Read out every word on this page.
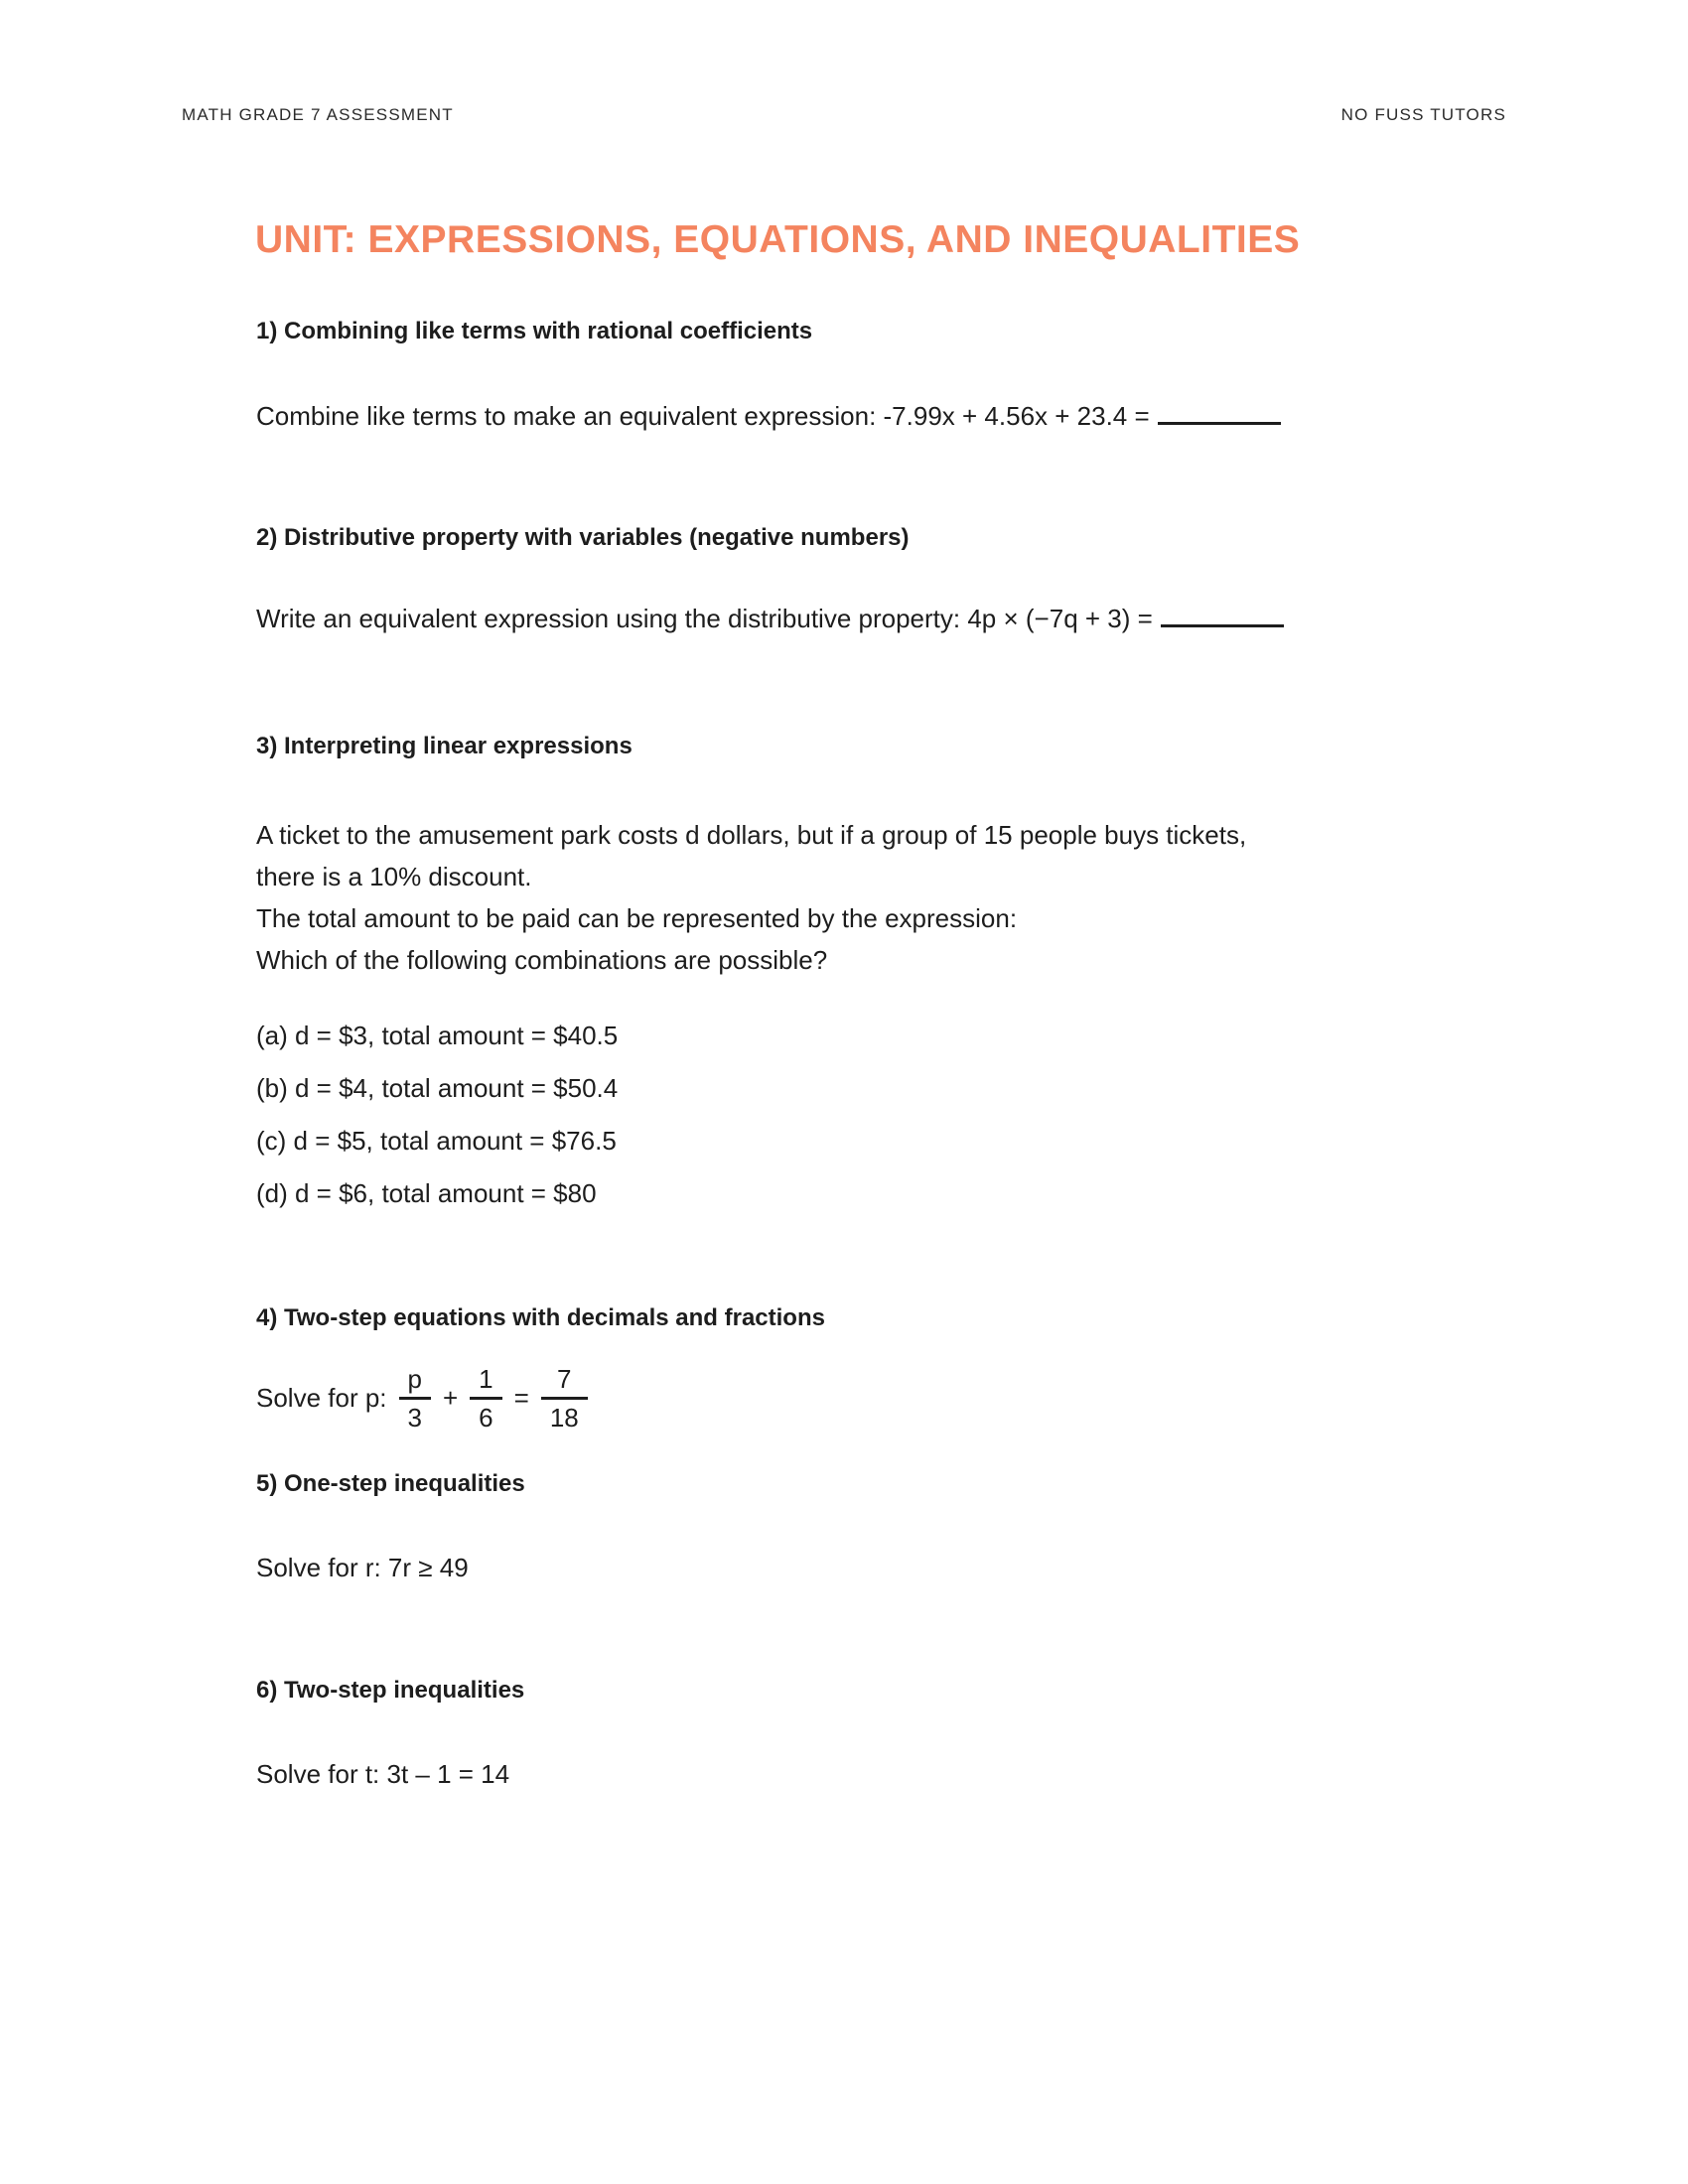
MATH GRADE 7 ASSESSMENT	NO FUSS TUTORS
UNIT: EXPRESSIONS, EQUATIONS, AND INEQUALITIES
1) Combining like terms with rational coefficients

Combine like terms to make an equivalent expression: -7.99x + 4.56x + 23.4 =

2) Distributive property with variables (negative numbers)

Write an equivalent expression using the distributive property: 4p × (−7q + 3) =

3) Interpreting linear expressions
A ticket to the amusement park costs d dollars, but if a group of 15 people buys tickets,
there is a 10% discount.
The total amount to be paid can be represented by the expression:
Which of the following combinations are possible?
(a) d = $3, total amount = $40.5
(b) d = $4, total amount = $50.4
(c) d = $5, total amount = $76.5
(d) d = $6, total amount = $80
4) Two-step equations with decimals and fractions
Solve for p: $\frac{p}{3} + \frac{1}{6} = \frac{7}{18}$
5) One-step inequalities

Solve for r: 7r ≥ 49

6) Two-step inequalities

Solve for t: 3t – 1 = 14
